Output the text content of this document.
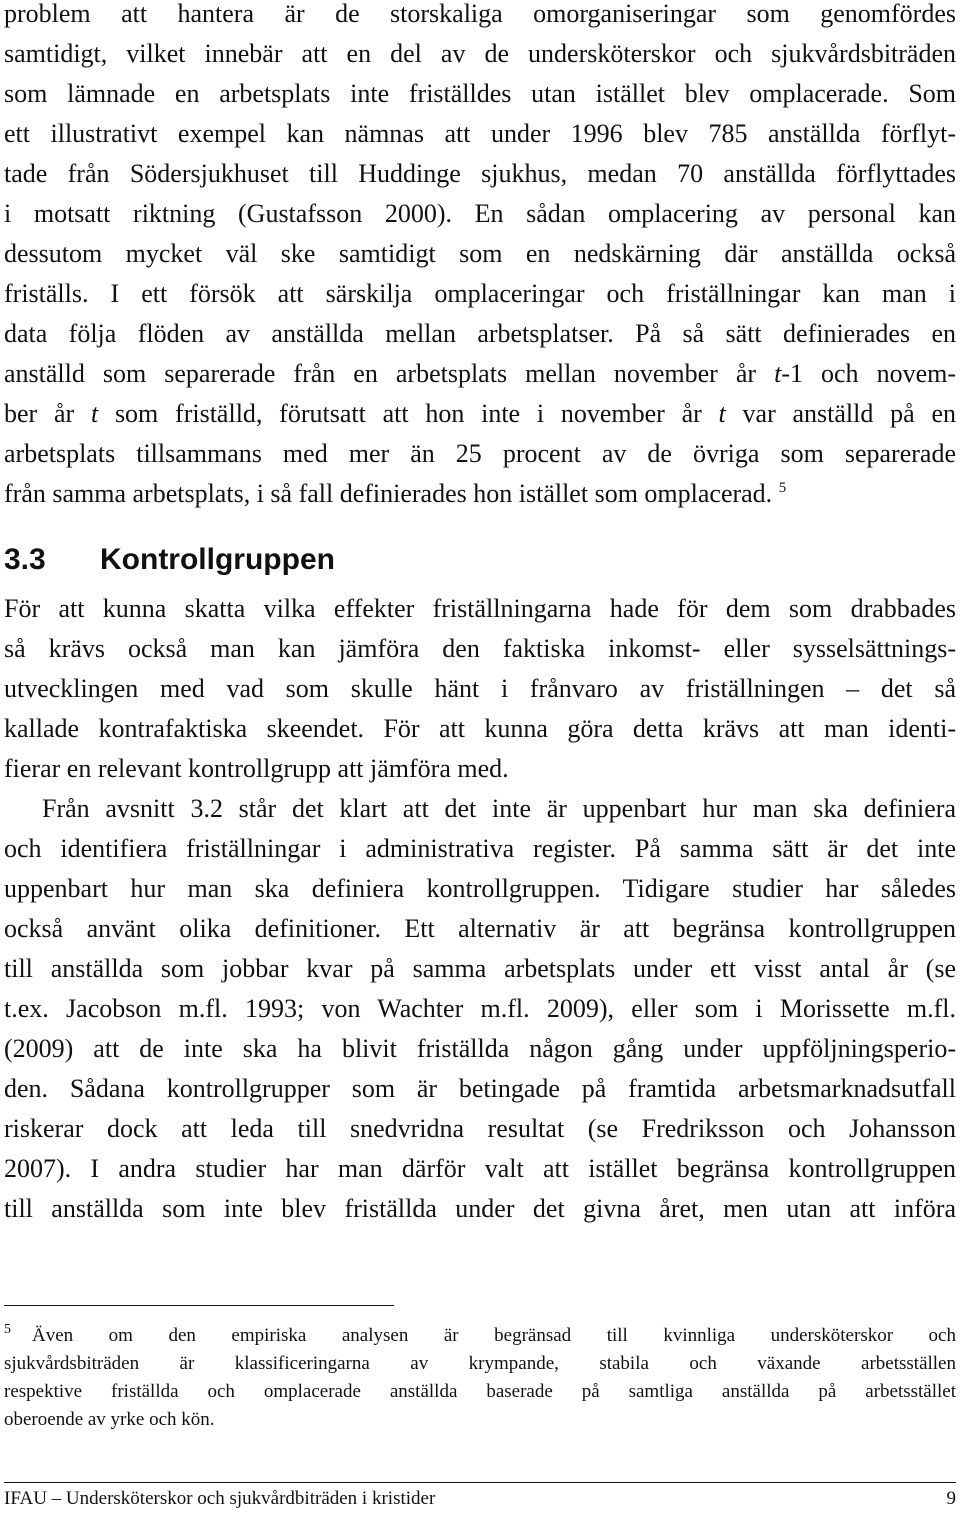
problem att hantera är de storskaliga omorganiseringar som genomfördes
samtidigt, vilket innebär att en del av de undersköterskor och sjukvårdsbiträden
som lämnade en arbetsplats inte friställdes utan istället blev omplacerade. Som
ett illustrativt exempel kan nämnas att under 1996 blev 785 anställda förflyt-
tade från Södersjukhuset till Huddinge sjukhus, medan 70 anställda förflyttades
i motsatt riktning (Gustafsson 2000). En sådan omplacering av personal kan
dessutom mycket väl ske samtidigt som en nedskärning där anställda också
friställs. I ett försök att särskilja omplaceringar och friställningar kan man i
data följa flöden av anställda mellan arbetsplatser. På så sätt definierades en
anställd som separerade från en arbetsplats mellan november år t-1 och novem-
ber år t som friställd, förutsatt att hon inte i november år t var anställd på en
arbetsplats tillsammans med mer än 25 procent av de övriga som separerade
från samma arbetsplats, i så fall definierades hon istället som omplacerad. $^5$
3.3 Kontrollgruppen
För att kunna skatta vilka effekter friställningarna hade för dem som drabbades
så krävs också man kan jämföra den faktiska inkomst- eller sysselsättnings-
utvecklingen med vad som skulle hänt i frånvaro av friställningen – det så
kallade kontrafaktiska skeendet. För att kunna göra detta krävs att man identi-
fierar en relevant kontrollgrupp att jämföra med.
Från avsnitt 3.2 står det klart att det inte är uppenbart hur man ska definiera
och identifiera friställningar i administrativa register. På samma sätt är det inte
uppenbart hur man ska definiera kontrollgruppen. Tidigare studier har således
också använt olika definitioner. Ett alternativ är att begränsa kontrollgruppen
till anställda som jobbar kvar på samma arbetsplats under ett visst antal år (se
t.ex. Jacobson m.fl. 1993; von Wachter m.fl. 2009), eller som i Morissette m.fl.
(2009) att de inte ska ha blivit friställda någon gång under uppföljningsperio-
den. Sådana kontrollgrupper som är betingade på framtida arbetsmarknadsutfall
riskerar dock att leda till snedvridna resultat (se Fredriksson och Johansson
2007). I andra studier har man därför valt att istället begränsa kontrollgruppen
till anställda som inte blev friställda under det givna året, men utan att införa
5 Även om den empiriska analysen är begränsad till kvinnliga undersköterskor och
sjukvårdsbiträden är klassificeringarna av krympande, stabila och växande arbetsställen
respektive friställda och omplacerade anställda baserade på samtliga anställda på arbetsstället
oberoende av yrke och kön.
IFAU – Undersköterskor och sjukvårdbiträden i kristider	9
